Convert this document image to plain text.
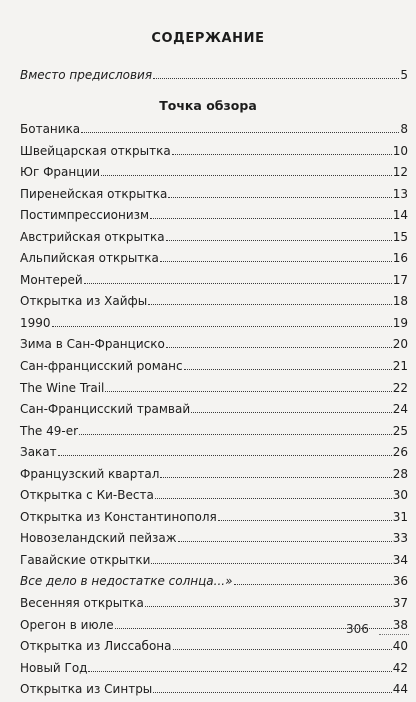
СОДЕРЖАНИЕ
Вместо предисловия	5
Точка обзора
Ботаника	8
Швейцарская открытка	10
Юг Франции	12
Пиренейская открытка	13
Постимпрессионизм	14
Австрийская открытка	15
Альпийская открытка	16
Монтерей	17
Открытка из Хайфы	18
1990	19
Зима в Сан-Франциско	20
Сан-францисский романс	21
The Wine Trail	22
Сан-Францисский трамвай	24
The 49-er	25
Закат	26
Французский квартал	28
Открытка с Ки-Веста	30
Открытка из Константинополя	31
Новозеландский пейзаж	33
Гавайские открытки	34
Все дело в недостатке солнца...»	36
Весенняя открытка	37
Орегон в июле	38
Открытка из Лиссабона	40
Новый Год	42
Открытка из Синтры	44
306
